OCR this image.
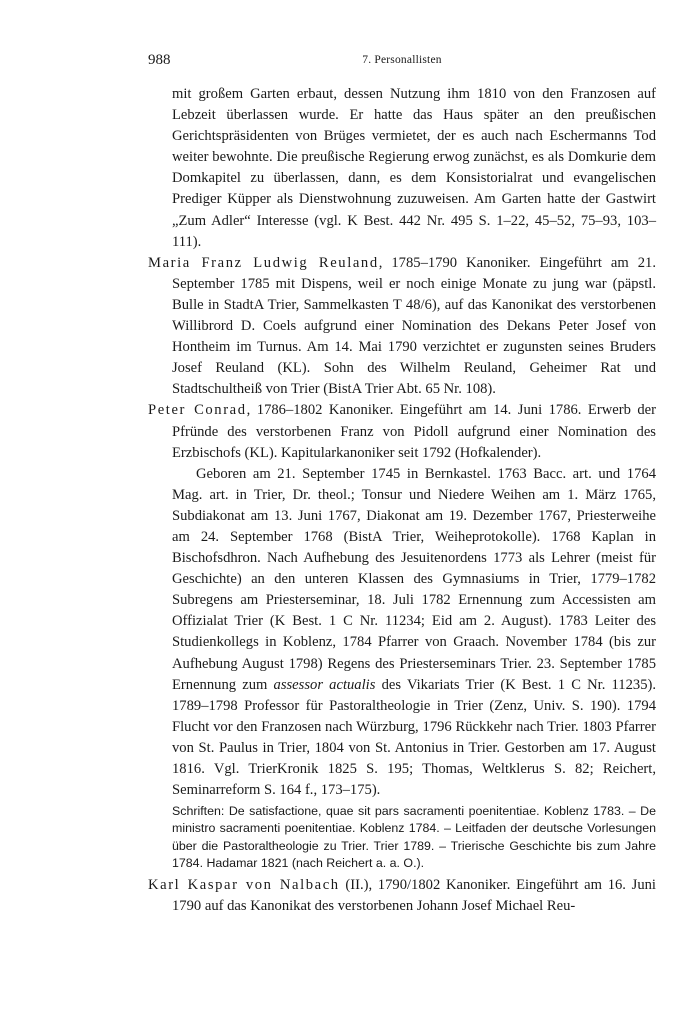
988	7. Personallisten

mit großem Garten erbaut, dessen Nutzung ihm 1810 von den Franzosen auf Lebzeit überlassen wurde. Er hatte das Haus später an den preußischen Gerichtspräsidenten von Brüges vermietet, der es auch nach Eschermanns Tod weiter bewohnte. Die preußische Regierung erwog zunächst, es als Domkurie dem Domkapitel zu überlassen, dann, es dem Konsistorialrat und evangelischen Prediger Küpper als Dienstwohnung zuzuweisen. Am Garten hatte der Gastwirt „Zum Adler“ Interesse (vgl. K Best. 442 Nr. 495 S. 1–22, 45–52, 75–93, 103–111).

Maria Franz Ludwig Reuland, 1785–1790 Kanoniker. Eingeführt am 21. September 1785 mit Dispens, weil er noch einige Monate zu jung war (päpstl. Bulle in StadtA Trier, Sammelkasten T 48/6), auf das Kanonikat des verstorbenen Willibrord D. Coels aufgrund einer Nomination des Dekans Peter Josef von Hontheim im Turnus. Am 14. Mai 1790 verzichtet er zugunsten seines Bruders Josef Reuland (KL). Sohn des Wilhelm Reuland, Geheimer Rat und Stadtschultheiß von Trier (BistA Trier Abt. 65 Nr. 108).

Peter Conrad, 1786–1802 Kanoniker. Eingeführt am 14. Juni 1786. Erwerb der Pfründe des verstorbenen Franz von Pidoll aufgrund einer Nomination des Erzbischofs (KL). Kapitularkanoniker seit 1792 (Hofkalender).

Geboren am 21. September 1745 in Bernkastel. 1763 Bacc. art. und 1764 Mag. art. in Trier, Dr. theol.; Tonsur und Niedere Weihen am 1. März 1765, Subdiakonat am 13. Juni 1767, Diakonat am 19. Dezember 1767, Priesterweihe am 24. September 1768 (BistA Trier, Weiheprotokolle). 1768 Kaplan in Bischofsdhron. Nach Aufhebung des Jesuitenordens 1773 als Lehrer (meist für Geschichte) an den unteren Klassen des Gymnasiums in Trier, 1779–1782 Subregens am Priesterseminar, 18. Juli 1782 Ernennung zum Accessisten am Offizialat Trier (K Best. 1 C Nr. 11234; Eid am 2. August). 1783 Leiter des Studienkollegs in Koblenz, 1784 Pfarrer von Graach. November 1784 (bis zur Aufhebung August 1798) Regens des Priesterseminars Trier. 23. September 1785 Ernennung zum assessor actualis des Vikariats Trier (K Best. 1 C Nr. 11235). 1789–1798 Professor für Pastoraltheologie in Trier (Zenz, Univ. S. 190). 1794 Flucht vor den Franzosen nach Würzburg, 1796 Rückkehr nach Trier. 1803 Pfarrer von St. Paulus in Trier, 1804 von St. Antonius in Trier. Gestorben am 17. August 1816. Vgl. TrierKronik 1825 S. 195; Thomas, Weltklerus S. 82; Reichert, Seminarreform S. 164 f., 173–175).

Schriften: De satisfactione, quae sit pars sacramenti poenitentiae. Koblenz 1783. – De ministro sacramenti poenitentiae. Koblenz 1784. – Leitfaden der deutsche Vorlesungen über die Pastoraltheologie zu Trier. Trier 1789. – Trierische Geschichte bis zum Jahre 1784. Hadamar 1821 (nach Reichert a. a. O.).

Karl Kaspar von Nalbach (II.), 1790/1802 Kanoniker. Eingeführt am 16. Juni 1790 auf das Kanonikat des verstorbenen Johann Josef Michael Reu-
